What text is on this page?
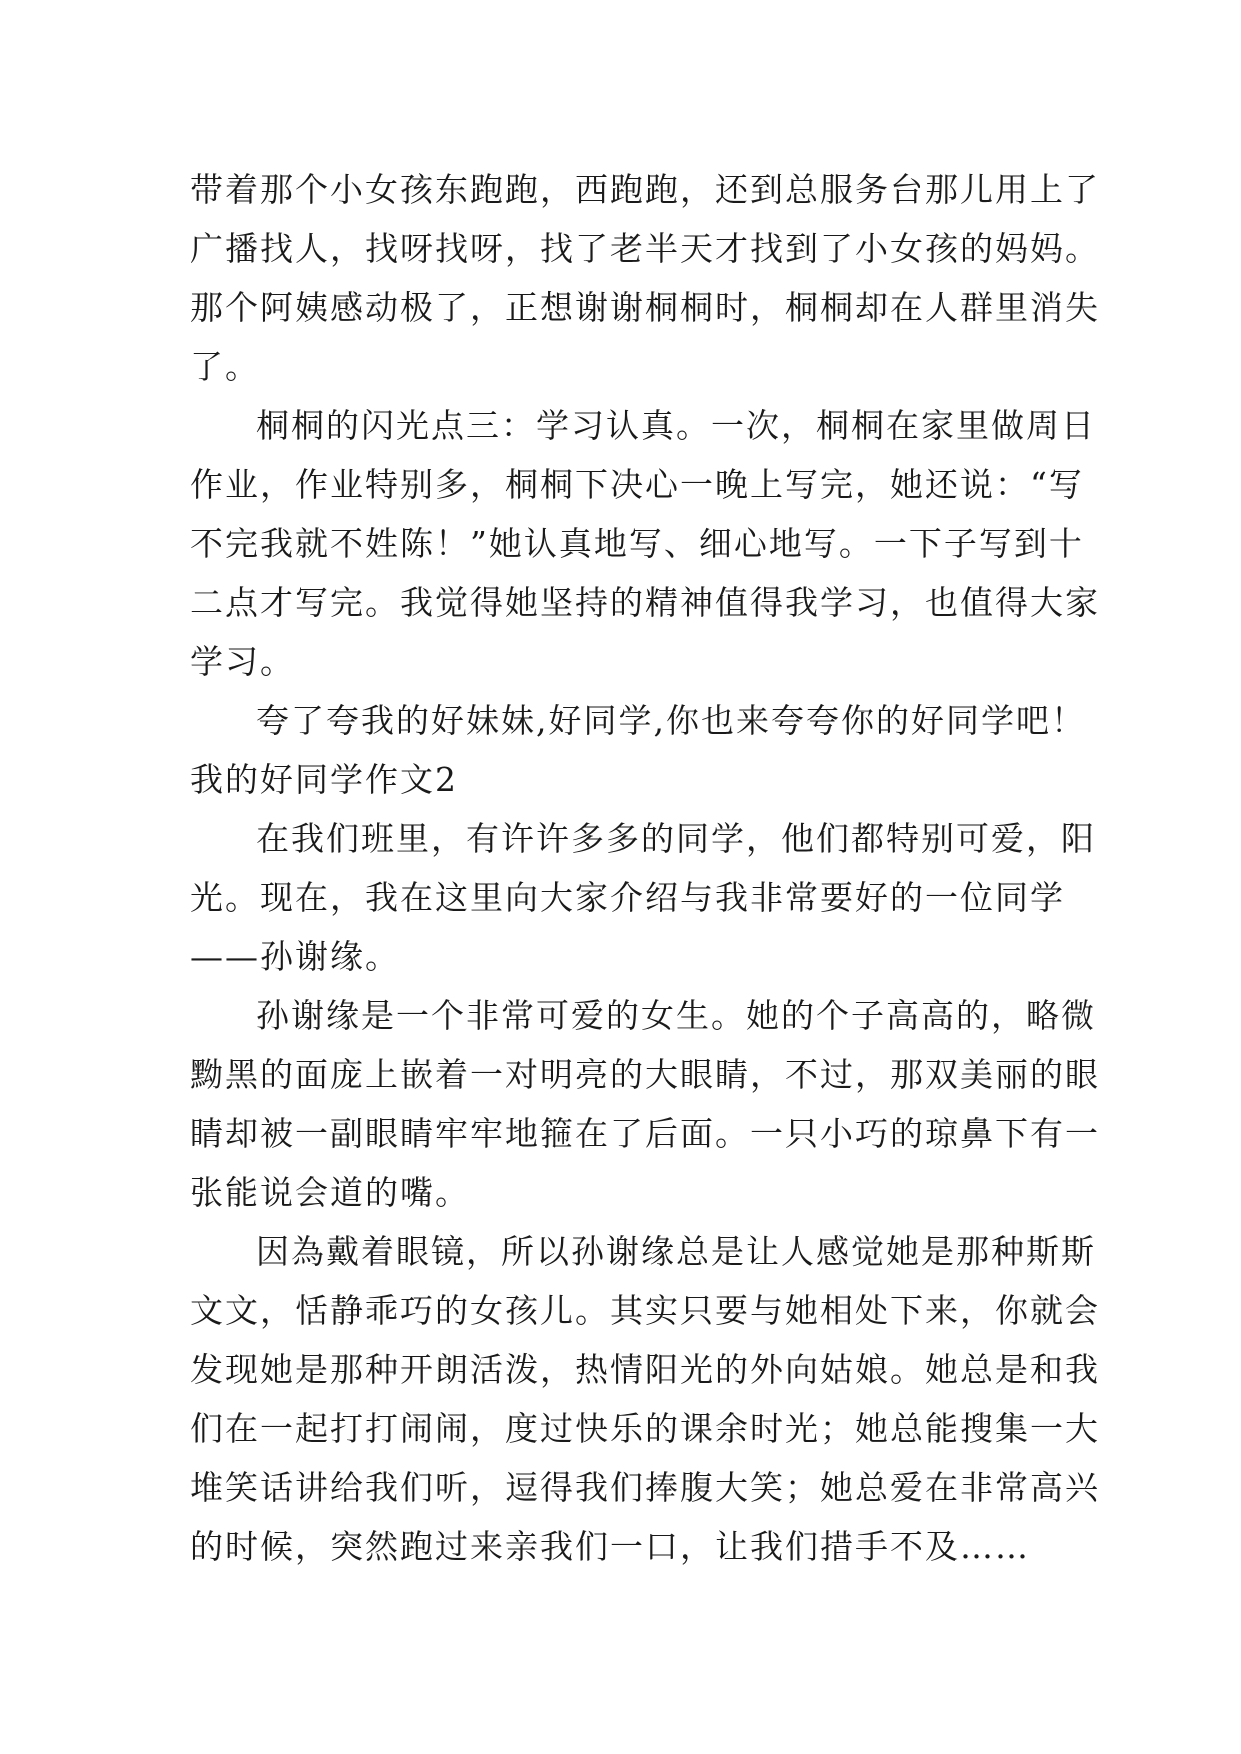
带着那个小女孩东跑跑，西跑跑，还到总服务台那儿用上了
广播找人，找呀找呀，找了老半天才找到了小女孩的妈妈。
那个阿姨感动极了，正想谢谢桐桐时，桐桐却在人群里消失
了。
桐桐的闪光点三：学习认真。一次，桐桐在家里做周日
作业，作业特别多，桐桐下决心一晚上写完，她还说：“写
不完我就不姓陈！”她认真地写、细心地写。一下子写到十
二点才写完。我觉得她坚持的精神值得我学习，也值得大家
学习。
夸了夸我的好妹妹,好同学,你也来夸夸你的好同学吧！
我的好同学作文2
在我们班里，有许许多多的同学，他们都特别可爱，阳
光。现在，我在这里向大家介绍与我非常要好的一位同学
——孙谢缘。
孙谢缘是一个非常可爱的女生。她的个子高高的，略微
黝黑的面庞上嵌着一对明亮的大眼睛，不过，那双美丽的眼
睛却被一副眼睛牢牢地箍在了后面。一只小巧的琼鼻下有一
张能说会道的嘴。
因為戴着眼镜，所以孙谢缘总是让人感觉她是那种斯斯
文文，恬静乖巧的女孩儿。其实只要与她相处下来，你就会
发现她是那种开朗活泼，热情阳光的外向姑娘。她总是和我
们在一起打打闹闹，度过快乐的课余时光；她总能搜集一大
堆笑话讲给我们听，逗得我们捧腹大笑；她总爱在非常高兴
的时候，突然跑过来亲我们一口，让我们措手不及……
